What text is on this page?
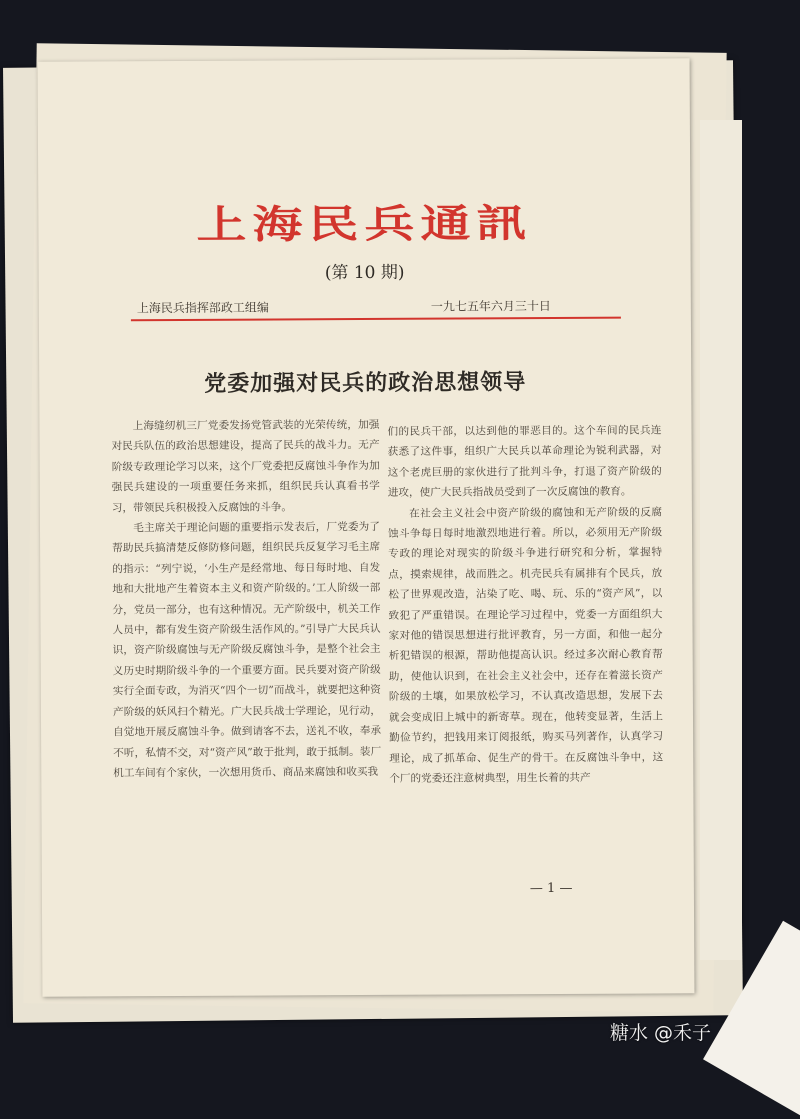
上海民兵通訊
(第 10 期)
上海民兵指挥部政工组编	一九七五年六月三十日
党委加强对民兵的政治思想领导

上海缝纫机三厂党委发扬党管武装的光荣传统，加强对民兵队伍的政治思想建设，提高了民兵的战斗力。无产阶级专政理论学习以来，这个厂党委把反腐蚀斗争作为加强民兵建设的一项重要任务来抓，组织民兵认真看书学习，带领民兵积极投入反腐蚀的斗争。

毛主席关于理论问题的重要指示发表后，厂党委为了帮助民兵搞清楚反修防修问题，组织民兵反复学习毛主席的指示：“列宁说，‘小生产是经常地、每日每时地、自发地和大批地产生着资本主义和资产阶级的。’工人阶级一部分，党员一部分，也有这种情况。无产阶级中，机关工作人员中，都有发生资产阶级生活作风的。”引导广大民兵认识，资产阶级腐蚀与无产阶级反腐蚀斗争，是整个社会主义历史时期阶级斗争的一个重要方面。民兵要对资产阶级实行全面专政，为消灭“四个一切”而战斗，就要把这种资产阶级的妖风扫个精光。广大民兵战士学理论，见行动，自觉地开展反腐蚀斗争。做到请客不去，送礼不收，奉承不听，私情不交，对“资产风”敢于批判，敢于抵制。装厂机工车间有个家伙，一次想用货币、商品来腐蚀和收买我

们的民兵干部，以达到他的罪恶目的。这个车间的民兵连获悉了这件事，组织广大民兵以革命理论为锐利武器，对这个老虎巨册的家伙进行了批判斗争，打退了资产阶级的进攻，使广大民兵指战员受到了一次反腐蚀的教育。

在社会主义社会中资产阶级的腐蚀和无产阶级的反腐蚀斗争每日每时地激烈地进行着。所以，必须用无产阶级专政的理论对现实的阶级斗争进行研究和分析，掌握特点，摸索规律，战而胜之。机壳民兵有属排有个民兵，放松了世界观改造，沾染了吃、喝、玩、乐的“资产风”，以致犯了严重错误。在理论学习过程中，党委一方面组织大家对他的错误思想进行批评教育，另一方面，和他一起分析犯错误的根源，帮助他提高认识。经过多次耐心教育帮助，使他认识到，在社会主义社会中，还存在着滋长资产阶级的土壤，如果放松学习，不认真改造思想，发展下去就会变成旧上城中的新寄草。现在，他转变显著，生活上勤俭节约，把钱用来订阅报纸，购买马列著作，认真学习理论，成了抓革命、促生产的骨干。在反腐蚀斗争中，这个厂的党委还注意树典型，用生长着的共产

— 1 —
糖水 @禾子
